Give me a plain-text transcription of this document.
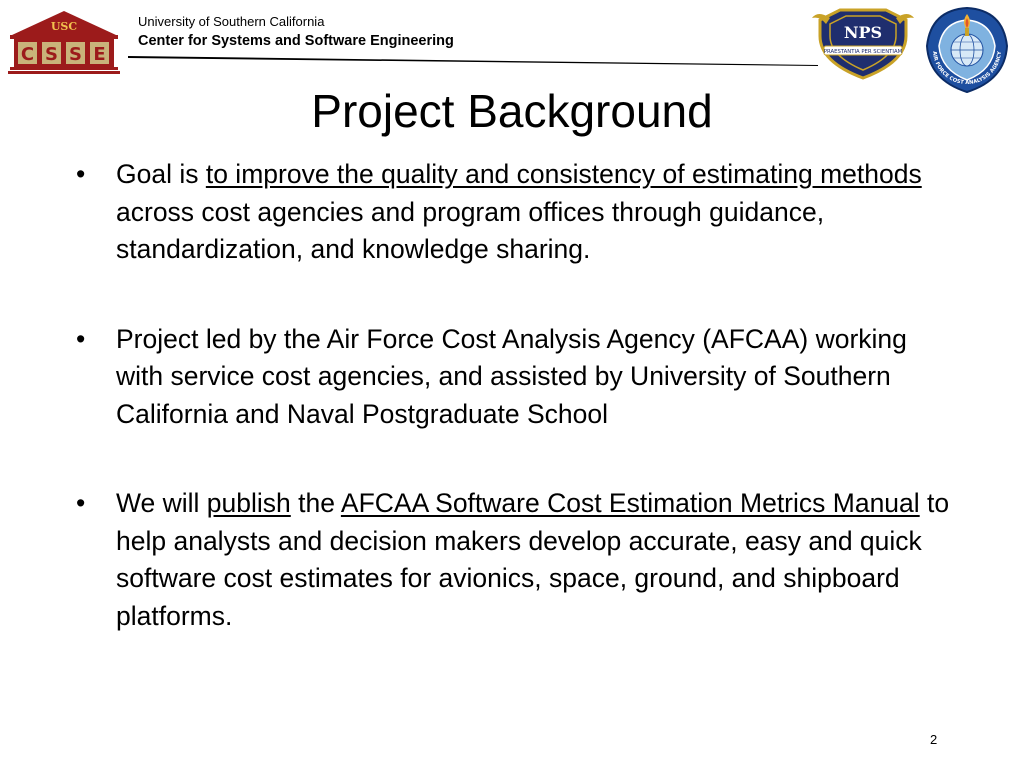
USC
C S S E
University of Southern California
Center for Systems and Software Engineering	NPS
PRAESTANTIA PER SCIENTIAM	AIR FORCE COST ANALYSIS AGENCY
Project Background
•	Goal is to improve the quality and consistency of estimating methods across cost agencies and program offices through guidance, standardization, and knowledge sharing.
•	Project led by the Air Force Cost Analysis Agency (AFCAA) working with service cost agencies, and assisted by University of Southern California and Naval Postgraduate School
•	We will publish the AFCAA Software Cost Estimation Metrics Manual to help analysts and decision makers develop accurate, easy and quick software cost estimates for avionics, space, ground, and shipboard platforms.
2
